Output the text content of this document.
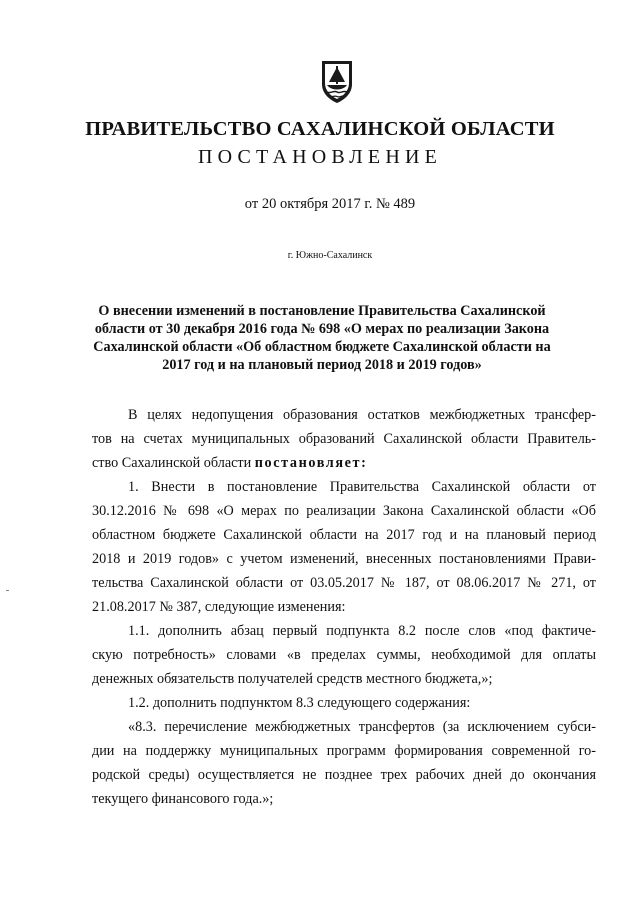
ПРАВИТЕЛЬСТВО САХАЛИНСКОЙ ОБЛАСТИ
ПОСТАНОВЛЕНИЕ
от 20 октября 2017 г. № 489
г. Южно-Сахалинск
О внесении изменений в постановление Правительства Сахалинской
области от 30 декабря 2016 года № 698 «О мерах по реализации Закона
Сахалинской области «Об областном бюджете Сахалинской области на
2017 год и на плановый период 2018 и 2019 годов»
В целях недопущения образования остатков межбюджетных трансфер-
тов на счетах муниципальных образований Сахалинской области Правитель-
ство Сахалинской области постановляет:
1. Внести в постановление Правительства Сахалинской области от
30.12.2016 № 698 «О мерах по реализации Закона Сахалинской области «Об
областном бюджете Сахалинской области на 2017 год и на плановый период
2018 и 2019 годов» с учетом изменений, внесенных постановлениями Прави-
тельства Сахалинской области от 03.05.2017 № 187, от 08.06.2017 № 271, от
21.08.2017 № 387, следующие изменения:
1.1. дополнить абзац первый подпункта 8.2 после слов «под фактиче-
скую потребность» словами «в пределах суммы, необходимой для оплаты
денежных обязательств получателей средств местного бюджета,»;
1.2. дополнить подпунктом 8.3 следующего содержания:
«8.3. перечисление межбюджетных трансфертов (за исключением субси-
дии на поддержку муниципальных программ формирования современной го-
родской среды) осуществляется не позднее трех рабочих дней до окончания
текущего финансового года.»;
